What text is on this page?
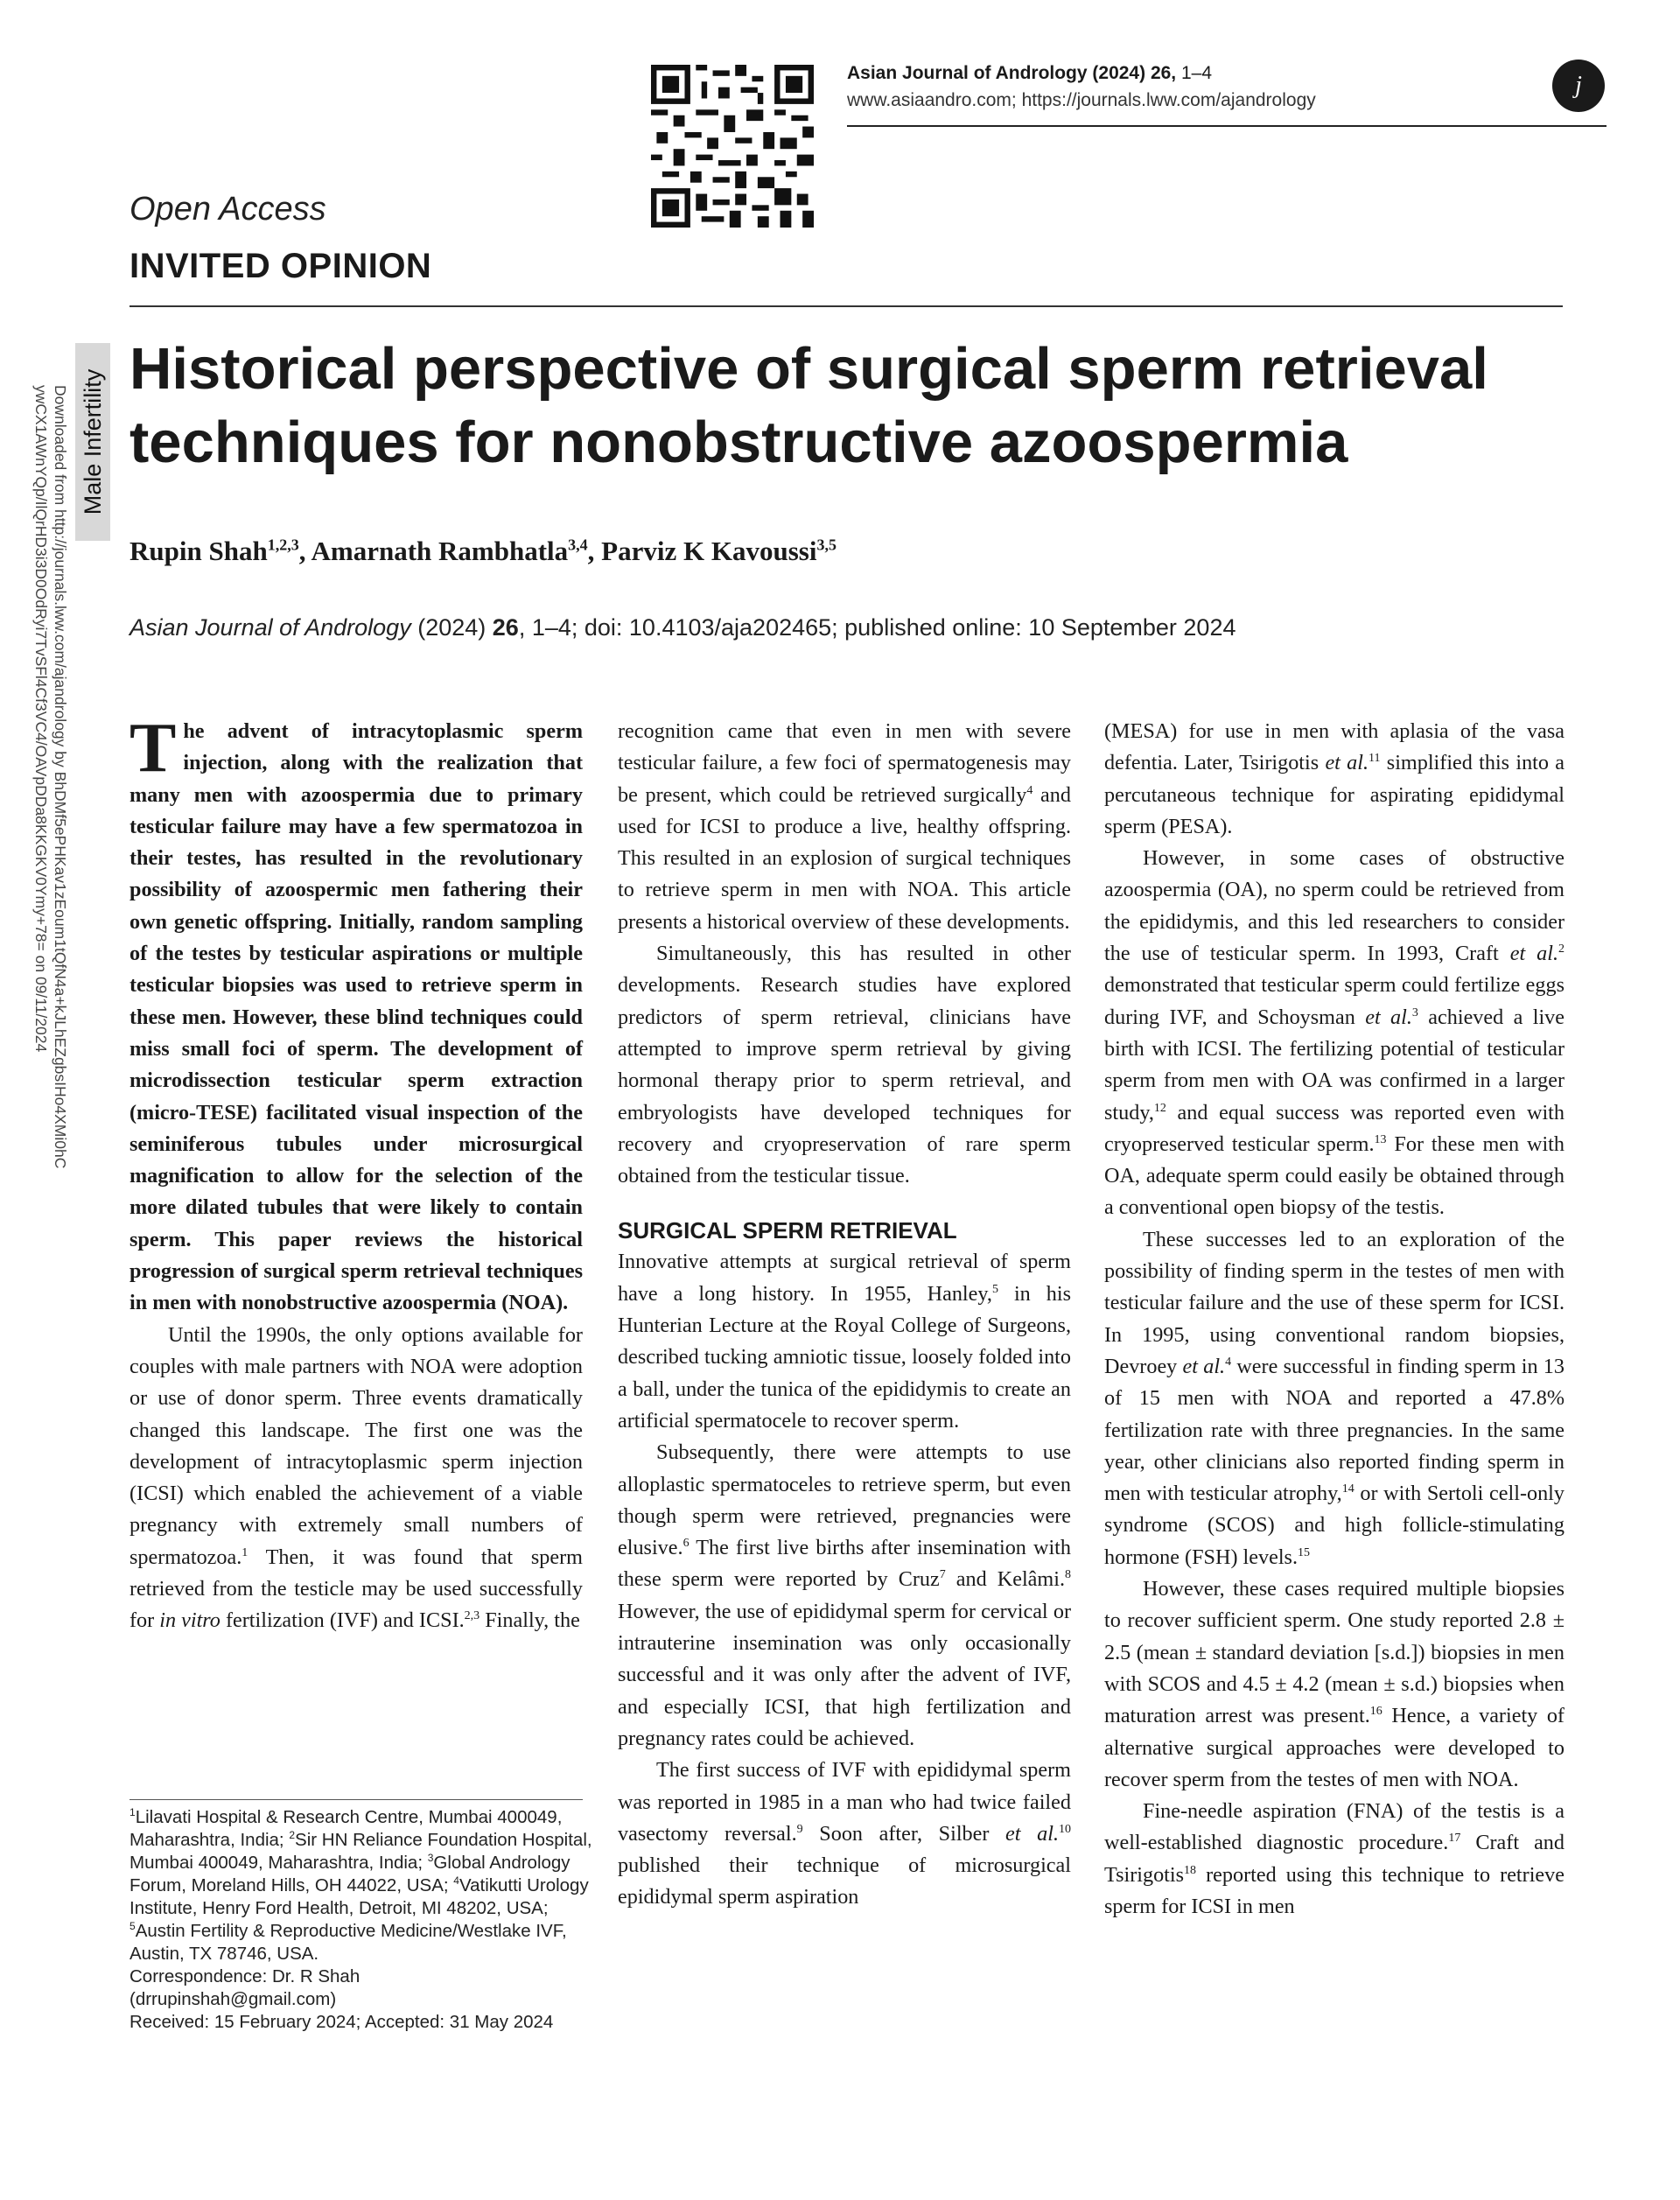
Asian Journal of Andrology (2024) 26, 1–4
www.asiaandro.com; https://journals.lww.com/ajandrology
j
Open Access
INVITED OPINION
Male Infertility
Downloaded from http://journals.lww.com/ajandrology by BhDMf5ePHKav1zEoum1tQfN4a+kJLhEZgbsIHo4XMi0hC ywCX1AWnYQp/IlQrHD3i3D0OdRyi7TvSFl4Cf3VC4/OAVpDDa8KKGKV0Ymy+78= on 09/11/2024
Historical perspective of surgical sperm retrieval techniques for nonobstructive azoospermia
Rupin Shah$^{1,2,3}$, Amarnath Rambhatla$^{3,4}$, Parviz K Kavoussi$^{3,5}$
Asian Journal of Andrology (2024) 26, 1–4; doi: 10.4103/aja202465; published online: 10 September 2024

The advent of intracytoplasmic sperm injection, along with the realization that many men with azoospermia due to primary testicular failure may have a few spermatozoa in their testes, has resulted in the revolutionary possibility of azoospermic men fathering their own genetic offspring. Initially, random sampling of the testes by testicular aspirations or multiple testicular biopsies was used to retrieve sperm in these men. However, these blind techniques could miss small foci of sperm. The development of microdissection testicular sperm extraction (micro-TESE) facilitated visual inspection of the seminiferous tubules under microsurgical magnification to allow for the selection of the more dilated tubules that were likely to contain sperm. This paper reviews the historical progression of surgical sperm retrieval techniques in men with nonobstructive azoospermia (NOA).

Until the 1990s, the only options available for couples with male partners with NOA were adoption or use of donor sperm. Three events dramatically changed this landscape. The first one was the development of intracytoplasmic sperm injection (ICSI) which enabled the achievement of a viable pregnancy with extremely small numbers of spermatozoa.$^1$ Then, it was found that sperm retrieved from the testicle may be used successfully for in vitro fertilization (IVF) and ICSI.$^{2,3}$ Finally, the

recognition came that even in men with severe testicular failure, a few foci of spermatogenesis may be present, which could be retrieved surgically$^4$ and used for ICSI to produce a live, healthy offspring. This resulted in an explosion of surgical techniques to retrieve sperm in men with NOA. This article presents a historical overview of these developments.

Simultaneously, this has resulted in other developments. Research studies have explored predictors of sperm retrieval, clinicians have attempted to improve sperm retrieval by giving hormonal therapy prior to sperm retrieval, and embryologists have developed techniques for recovery and cryopreservation of rare sperm obtained from the testicular tissue.

SURGICAL SPERM RETRIEVAL

Innovative attempts at surgical retrieval of sperm have a long history. In 1955, Hanley,$^5$ in his Hunterian Lecture at the Royal College of Surgeons, described tucking amniotic tissue, loosely folded into a ball, under the tunica of the epididymis to create an artificial spermatocele to recover sperm.

Subsequently, there were attempts to use alloplastic spermatoceles to retrieve sperm, but even though sperm were retrieved, pregnancies were elusive.$^6$ The first live births after insemination with these sperm were reported by Cruz$^7$ and Kelâmi.$^8$ However, the use of epididymal sperm for cervical or intrauterine insemination was only occasionally successful and it was only after the advent of IVF, and especially ICSI, that high fertilization and pregnancy rates could be achieved.

The first success of IVF with epididymal sperm was reported in 1985 in a man who had twice failed vasectomy reversal.$^9$ Soon after, Silber et al.$^{10}$ published their technique of microsurgical epididymal sperm aspiration

(MESA) for use in men with aplasia of the vasa defentia. Later, Tsirigotis et al.$^{11}$ simplified this into a percutaneous technique for aspirating epididymal sperm (PESA).

However, in some cases of obstructive azoospermia (OA), no sperm could be retrieved from the epididymis, and this led researchers to consider the use of testicular sperm. In 1993, Craft et al.$^2$ demonstrated that testicular sperm could fertilize eggs during IVF, and Schoysman et al.$^3$ achieved a live birth with ICSI. The fertilizing potential of testicular sperm from men with OA was confirmed in a larger study,$^{12}$ and equal success was reported even with cryopreserved testicular sperm.$^{13}$ For these men with OA, adequate sperm could easily be obtained through a conventional open biopsy of the testis.

These successes led to an exploration of the possibility of finding sperm in the testes of men with testicular failure and the use of these sperm for ICSI. In 1995, using conventional random biopsies, Devroey et al.$^4$ were successful in finding sperm in 13 of 15 men with NOA and reported a 47.8% fertilization rate with three pregnancies. In the same year, other clinicians also reported finding sperm in men with testicular atrophy,$^{14}$ or with Sertoli cell-only syndrome (SCOS) and high follicle-stimulating hormone (FSH) levels.$^{15}$

However, these cases required multiple biopsies to recover sufficient sperm. One study reported 2.8 ± 2.5 (mean ± standard deviation [s.d.]) biopsies in men with SCOS and 4.5 ± 4.2 (mean ± s.d.) biopsies when maturation arrest was present.$^{16}$ Hence, a variety of alternative surgical approaches were developed to recover sperm from the testes of men with NOA.

Fine-needle aspiration (FNA) of the testis is a well-established diagnostic procedure.$^{17}$ Craft and Tsirigotis$^{18}$ reported using this technique to retrieve sperm for ICSI in men

$^1$Lilavati Hospital & Research Centre, Mumbai 400049, Maharashtra, India; $^2$Sir HN Reliance Foundation Hospital, Mumbai 400049, Maharashtra, India; $^3$Global Andrology Forum, Moreland Hills, OH 44022, USA; $^4$Vatikutti Urology Institute, Henry Ford Health, Detroit, MI 48202, USA; $^5$Austin Fertility & Reproductive Medicine/Westlake IVF, Austin, TX 78746, USA.

Correspondence: Dr. R Shah

(drrupinshah@gmail.com)

Received: 15 February 2024; Accepted: 31 May 2024
